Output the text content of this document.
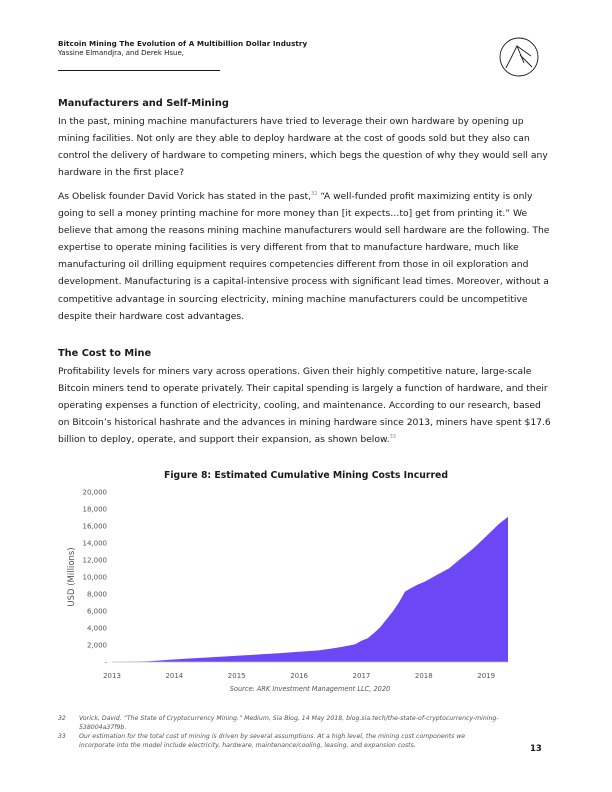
Bitcoin Mining The Evolution of A Multibillion Dollar Industry
Yassine Elmandjra, and Derek Hsue,
Manufacturers and Self-Mining
In the past, mining machine manufacturers have tried to leverage their own hardware by opening up mining facilities. Not only are they able to deploy hardware at the cost of goods sold but they also can control the delivery of hardware to competing miners, which begs the question of why they would sell any hardware in the first place?
As Obelisk founder David Vorick has stated in the past,$^{32}$ “A well-funded profit maximizing entity is only going to sell a money printing machine for more money than [it expects…to] get from printing it.” We believe that among the reasons mining machine manufacturers would sell hardware are the following. The expertise to operate mining facilities is very different from that to manufacture hardware, much like manufacturing oil drilling equipment requires competencies different from those in oil exploration and development. Manufacturing is a capital-intensive process with significant lead times. Moreover, without a competitive advantage in sourcing electricity, mining machine manufacturers could be uncompetitive despite their hardware cost advantages.
The Cost to Mine
Profitability levels for miners vary across operations. Given their highly competitive nature, large-scale Bitcoin miners tend to operate privately. Their capital spending is largely a function of hardware, and their operating expenses a function of electricity, cooling, and maintenance. According to our research, based on Bitcoin’s historical hashrate and the advances in mining hardware since 2013, miners have spent $17.6 billion to deploy, operate, and support their expansion, as shown below.$^{33}$
Figure 8: Estimated Cumulative Mining Costs Incurred
-
2,000
4,000
6,000
8,000
10,000
12,000
14,000
16,000
18,000
20,000
2013	2014	2015	2016	2017	2018	2019
USD (Millions)
Source: ARK Investment Management LLC, 2020
32 Vorick, David. “The State of Cryptocurrency Mining.” Medium, Sia Blog, 14 May 2018, blog.sia.tech/the-state-of-cryptocurrency-mining-538004a37f9b.
33 Our estimation for the total cost of mining is driven by several assumptions. At a high level, the mining cost components we incorporate into the model include electricity, hardware, maintenance/cooling, leasing, and expansion costs.	13
